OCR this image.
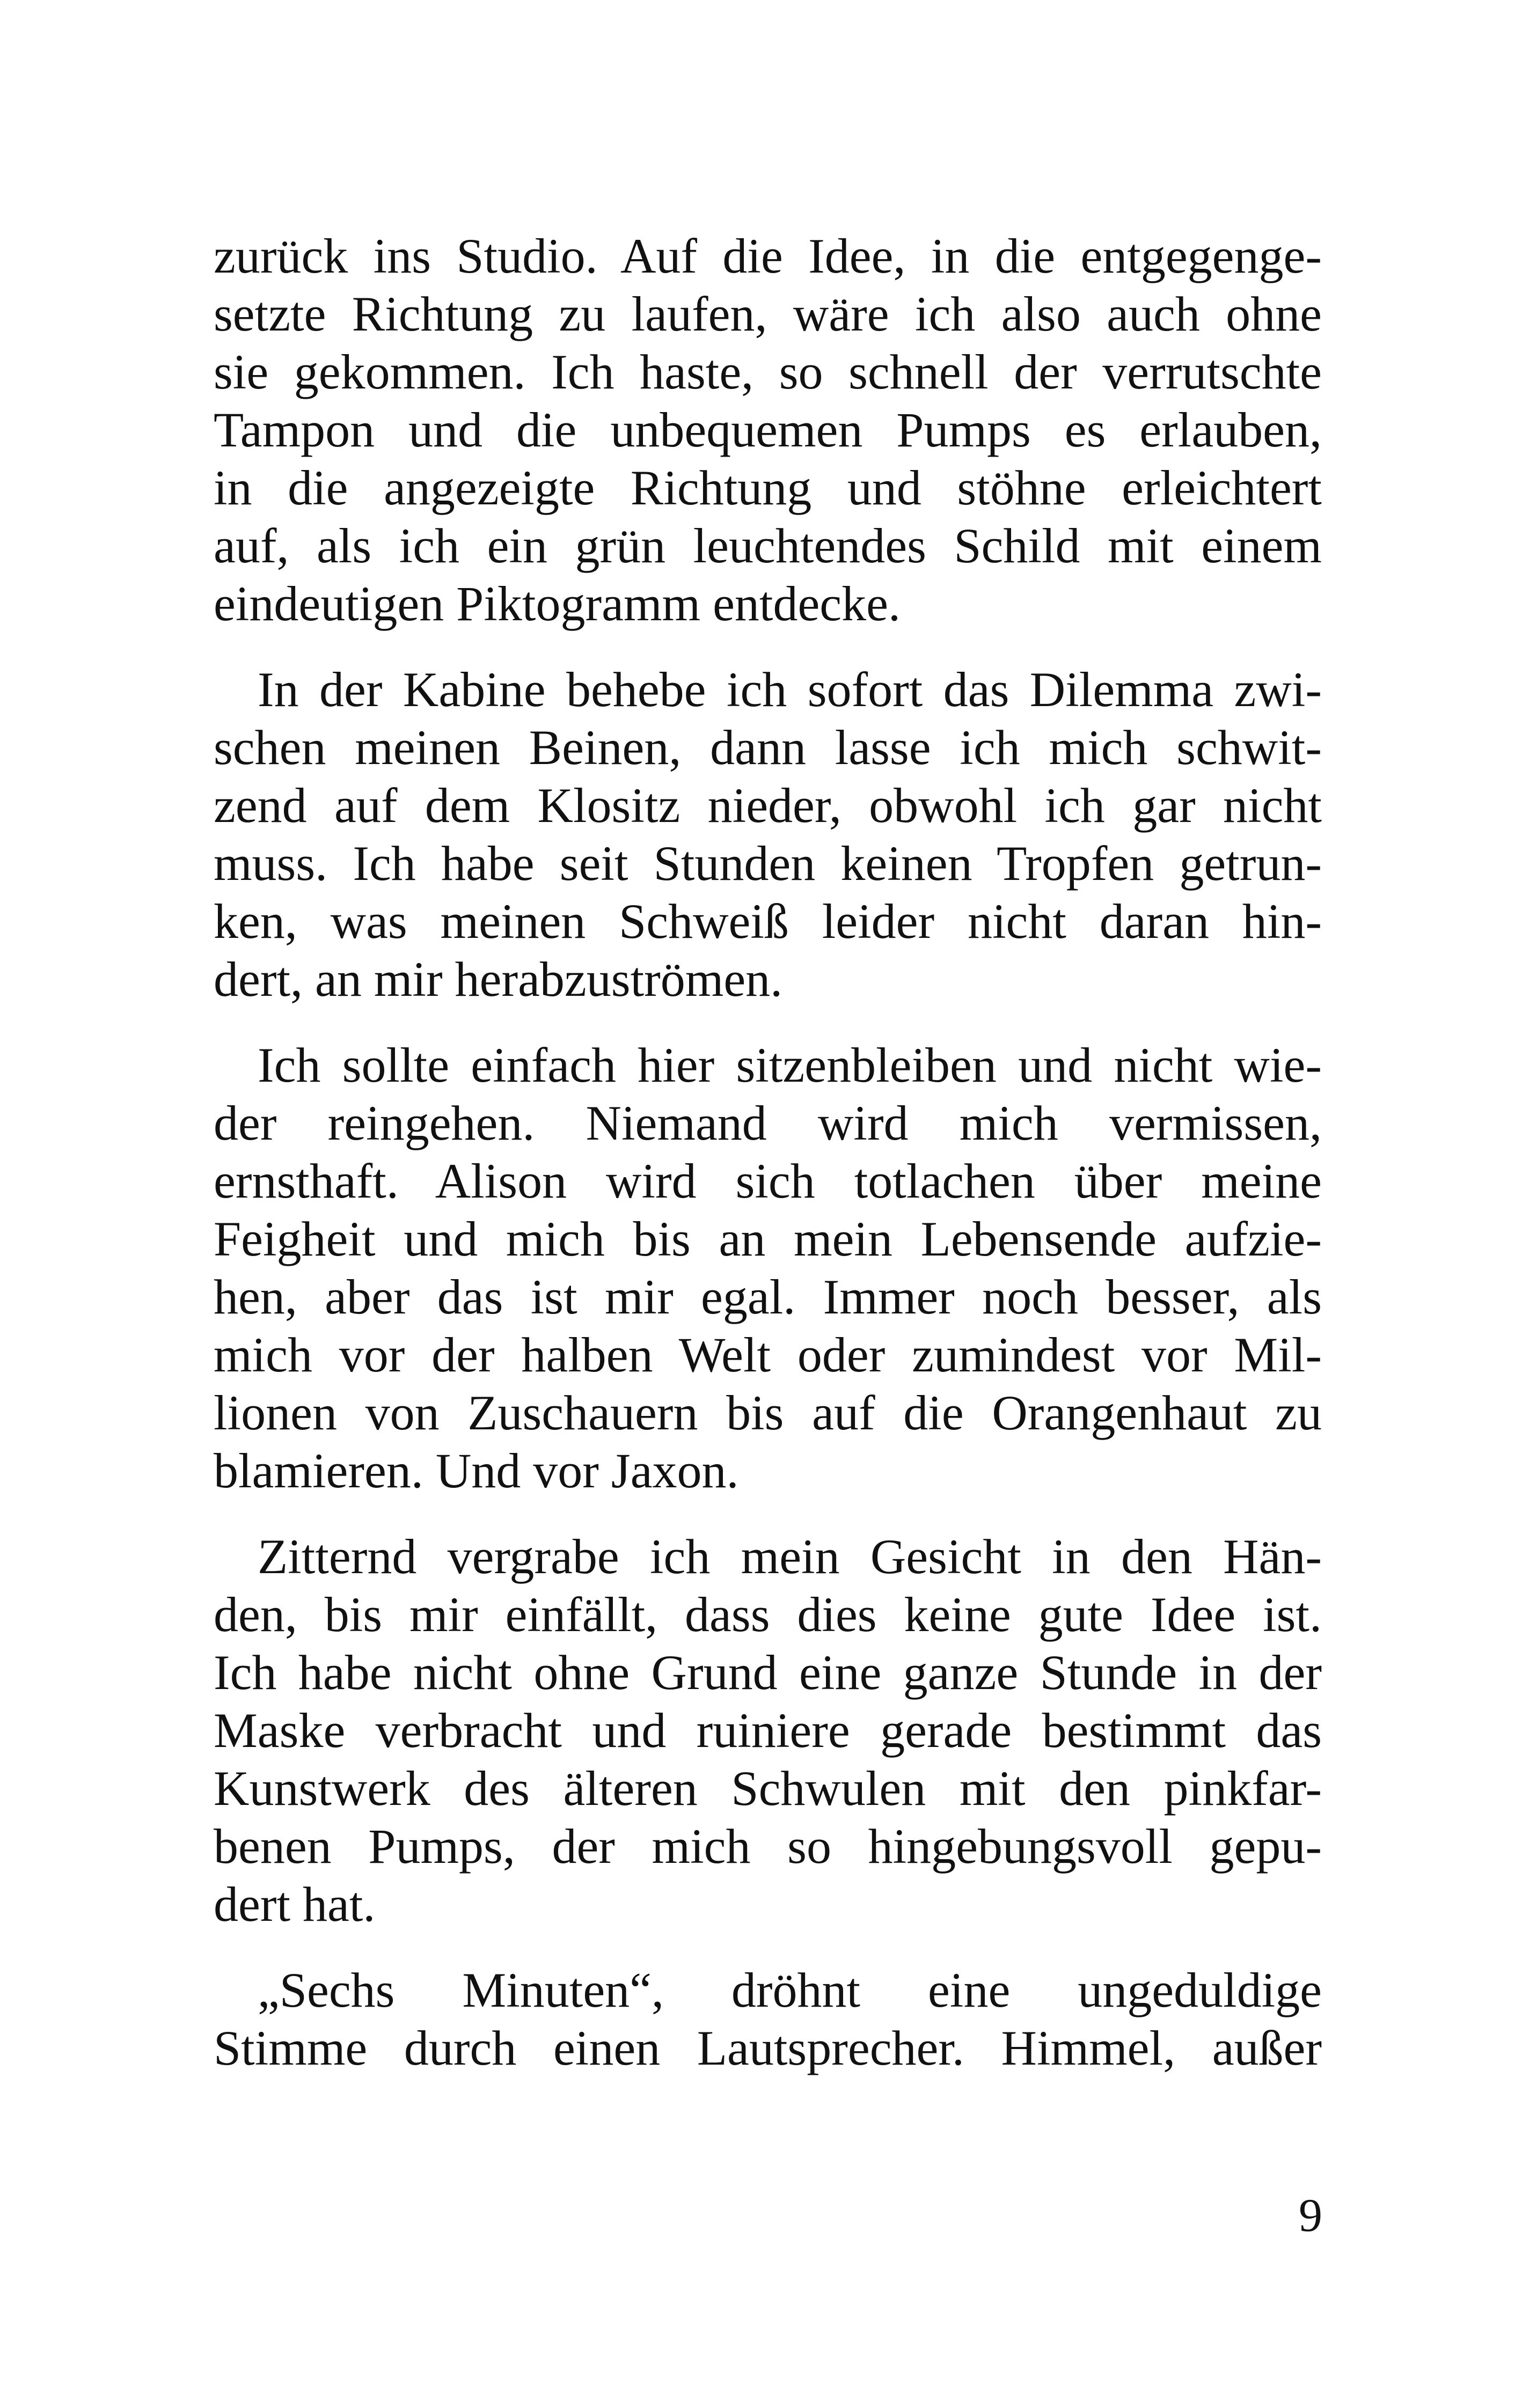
zurück ins Studio. Auf die Idee, in die entgegenge-
setzte Richtung zu laufen, wäre ich also auch ohne
sie gekommen. Ich haste, so schnell der verrutschte
Tampon und die unbequemen Pumps es erlauben,
in die angezeigte Richtung und stöhne erleichtert
auf, als ich ein grün leuchtendes Schild mit einem
eindeutigen Piktogramm entdecke.
In der Kabine behebe ich sofort das Dilemma zwi-
schen meinen Beinen, dann lasse ich mich schwit-
zend auf dem Klositz nieder, obwohl ich gar nicht
muss. Ich habe seit Stunden keinen Tropfen getrun-
ken, was meinen Schweiß leider nicht daran hin-
dert, an mir herabzuströmen.
Ich sollte einfach hier sitzenbleiben und nicht wie-
der reingehen. Niemand wird mich vermissen,
ernsthaft. Alison wird sich totlachen über meine
Feigheit und mich bis an mein Lebensende aufzie-
hen, aber das ist mir egal. Immer noch besser, als
mich vor der halben Welt oder zumindest vor Mil-
lionen von Zuschauern bis auf die Orangenhaut zu
blamieren. Und vor Jaxon.
Zitternd vergrabe ich mein Gesicht in den Hän-
den, bis mir einfällt, dass dies keine gute Idee ist.
Ich habe nicht ohne Grund eine ganze Stunde in der
Maske verbracht und ruiniere gerade bestimmt das
Kunstwerk des älteren Schwulen mit den pinkfar-
benen Pumps, der mich so hingebungsvoll gepu-
dert hat.
„Sechs Minuten“, dröhnt eine ungeduldige
Stimme durch einen Lautsprecher. Himmel, außer
9
